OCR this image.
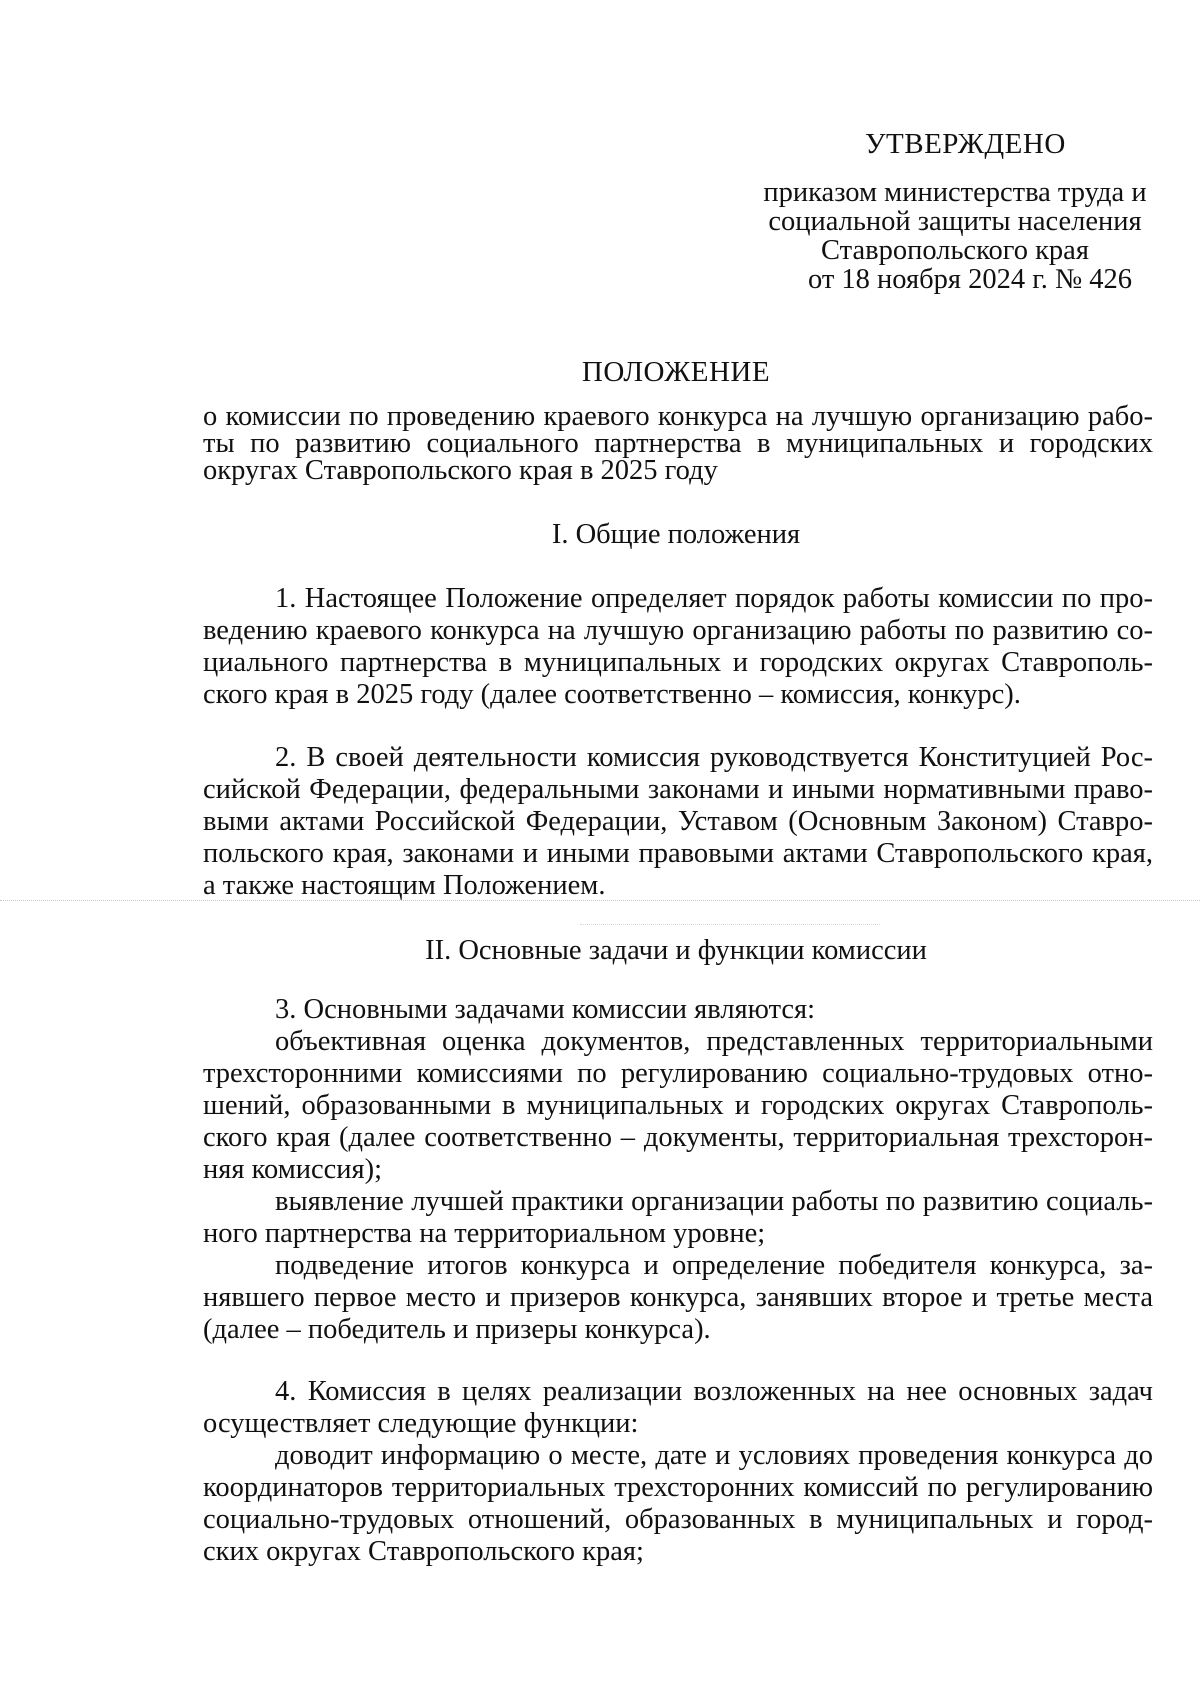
УТВЕРЖДЕНО
приказом министерства труда и
социальной защиты населения
Ставропольского края
от 18 ноября 2024 г. № 426
ПОЛОЖЕНИЕ
о комиссии по проведению краевого конкурса на лучшую организацию рабо-
ты по развитию социального партнерства в муниципальных и городских
округах Ставропольского края в 2025 году
I. Общие положения
1. Настоящее Положение определяет порядок работы комиссии по про-
ведению краевого конкурса на лучшую организацию работы по развитию со-
циального партнерства в муниципальных и городских округах Ставрополь-
ского края в 2025 году (далее соответственно – комиссия, конкурс).
2. В своей деятельности комиссия руководствуется Конституцией Рос-
сийской Федерации, федеральными законами и иными нормативными право-
выми актами Российской Федерации, Уставом (Основным Законом) Ставро-
польского края, законами и иными правовыми актами Ставропольского края,
а также настоящим Положением.
II. Основные задачи и функции комиссии
3. Основными задачами комиссии являются:
объективная оценка документов, представленных территориальными
трехсторонними комиссиями по регулированию социально-трудовых отно-
шений, образованными в муниципальных и городских округах Ставрополь-
ского края (далее соответственно – документы, территориальная трехсторон-
няя комиссия);
выявление лучшей практики организации работы по развитию социаль-
ного партнерства на территориальном уровне;
подведение итогов конкурса и определение победителя конкурса, за-
нявшего первое место и призеров конкурса, занявших второе и третье места
(далее – победитель и призеры конкурса).
4. Комиссия в целях реализации возложенных на нее основных задач
осуществляет следующие функции:
доводит информацию о месте, дате и условиях проведения конкурса до
координаторов территориальных трехсторонних комиссий по регулированию
социально-трудовых отношений, образованных в муниципальных и город-
ских округах Ставропольского края;
